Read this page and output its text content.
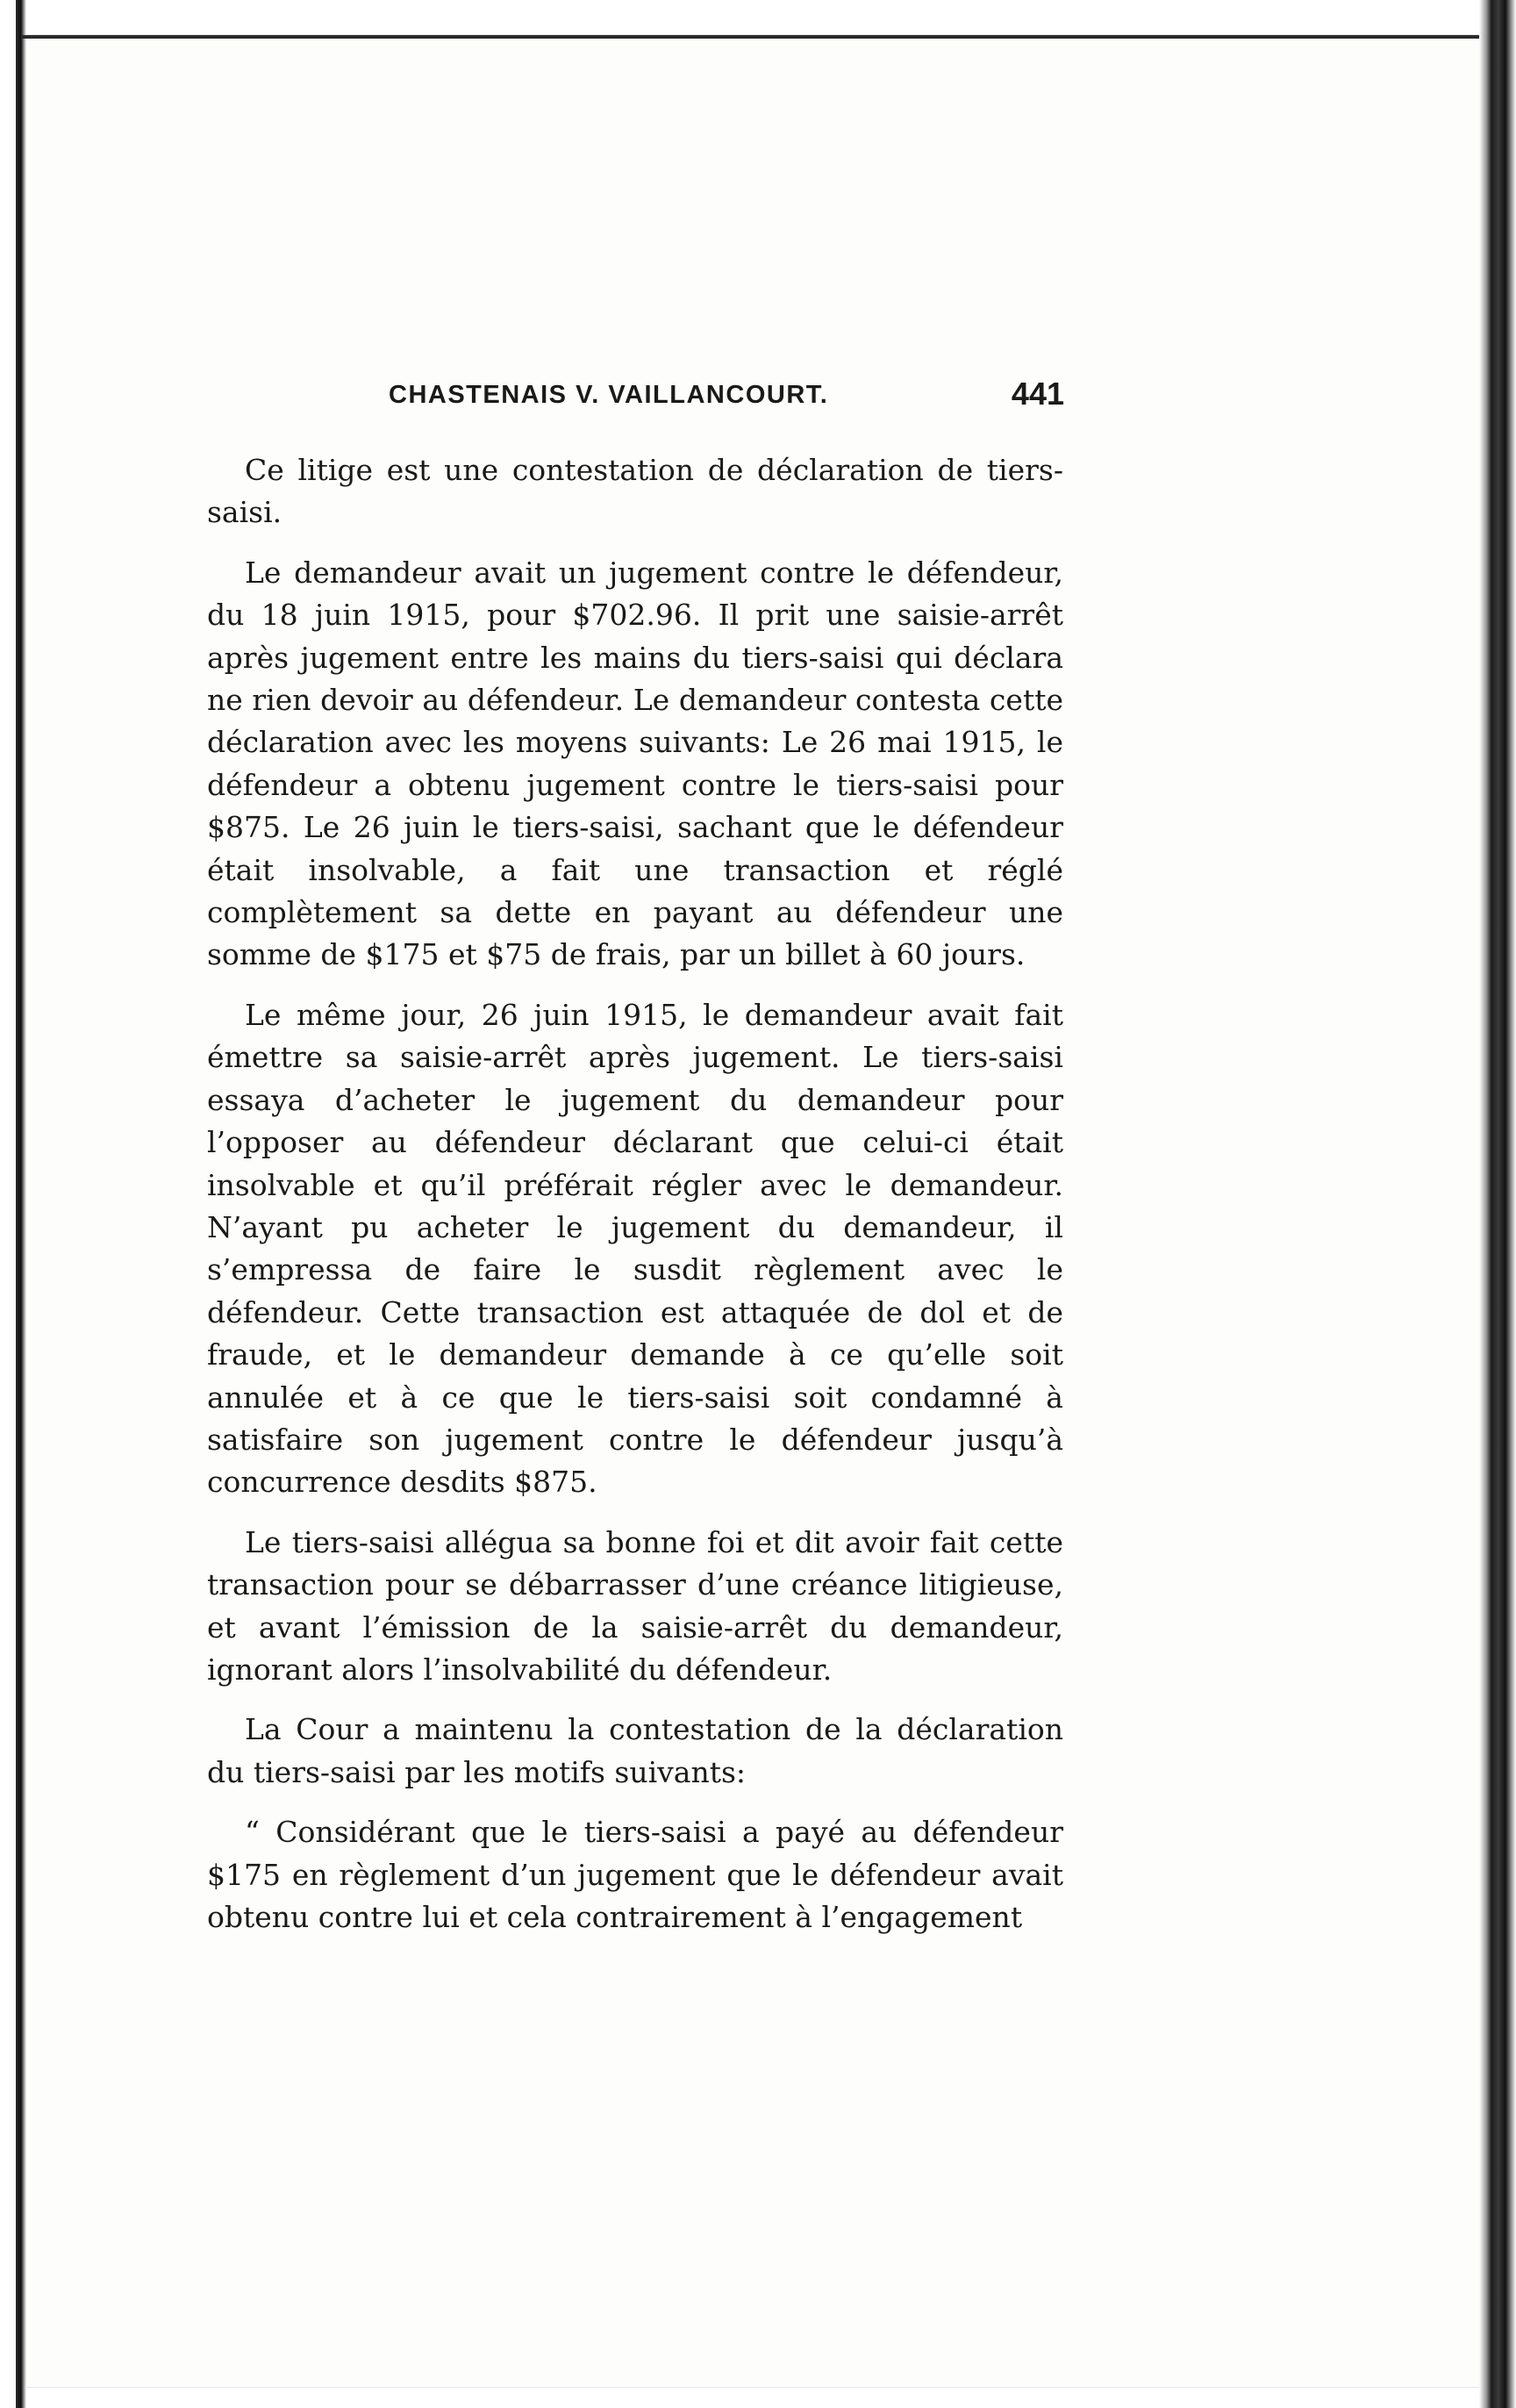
CHASTENAIS V. VAILLANCOURT.	441

Ce litige est une contestation de déclaration de tiers-saisi.

Le demandeur avait un jugement contre le défendeur, du 18 juin 1915, pour $702.96. Il prit une saisie-arrêt après jugement entre les mains du tiers-saisi qui déclara ne rien devoir au défendeur. Le demandeur contesta cette déclaration avec les moyens suivants: Le 26 mai 1915, le défendeur a obtenu jugement contre le tiers-saisi pour $875. Le 26 juin le tiers-saisi, sachant que le défendeur était insolvable, a fait une transaction et réglé complètement sa dette en payant au défendeur une somme de $175 et $75 de frais, par un billet à 60 jours.

Le même jour, 26 juin 1915, le demandeur avait fait émettre sa saisie-arrêt après jugement. Le tiers-saisi essaya d’acheter le jugement du demandeur pour l’opposer au défendeur déclarant que celui-ci était insolvable et qu’il préférait régler avec le demandeur. N’ayant pu acheter le jugement du demandeur, il s’empressa de faire le susdit règlement avec le défendeur. Cette transaction est attaquée de dol et de fraude, et le demandeur demande à ce qu’elle soit annulée et à ce que le tiers-saisi soit condamné à satisfaire son jugement contre le défendeur jusqu’à concurrence desdits $875.

Le tiers-saisi allégua sa bonne foi et dit avoir fait cette transaction pour se débarrasser d’une créance litigieuse, et avant l’émission de la saisie-arrêt du demandeur, ignorant alors l’insolvabilité du défendeur.

La Cour a maintenu la contestation de la déclaration du tiers-saisi par les motifs suivants:

“ Considérant que le tiers-saisi a payé au défendeur $175 en règlement d’un jugement que le défendeur avait obtenu contre lui et cela contrairement à l’engagement
